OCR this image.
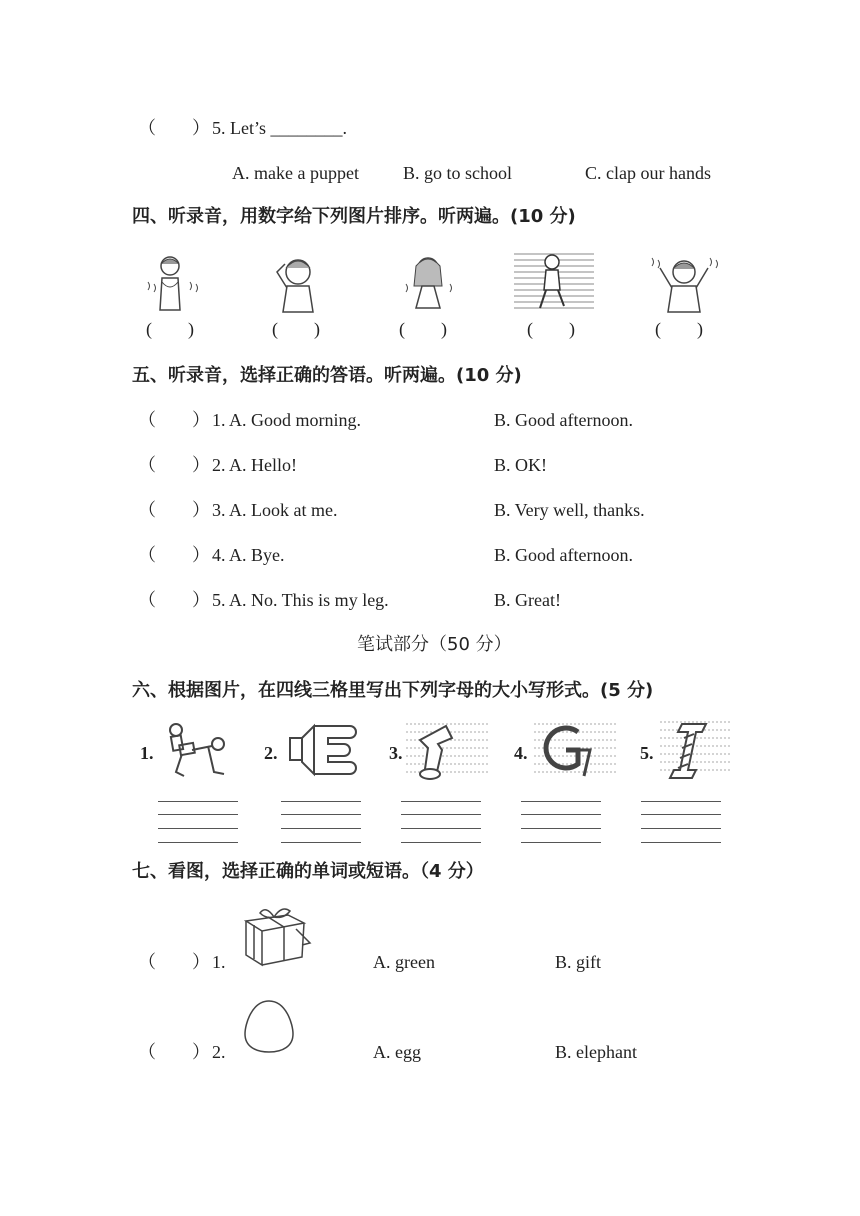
（　　） 5. Let’s ________.
A. make a puppet B. go to school	C. clap our hands
四、听录音，用数字给下列图片排序。听两遍。(10 分)
(　　)	(　　)	(　　)	(　　)	(　　)
五、听录音，选择正确的答语。听两遍。(10 分)
（　　） 1. A. Good morning.	B. Good afternoon.
（　　） 2. A. Hello!	B. OK!
（　　） 3. A. Look at me.	B. Very well, thanks.
（　　） 4. A. Bye.	B. Good afternoon.
（　　） 5. A. No. This is my leg.	B. Great!
笔试部分（50 分）
六、根据图片，在四线三格里写出下列字母的大小写形式。(5 分)
1.	2.	3.	4.	5.
七、看图，选择正确的单词或短语。（4 分）
（　　） 1.	A. green	B. gift
（　　） 2.	A. egg	B. elephant
